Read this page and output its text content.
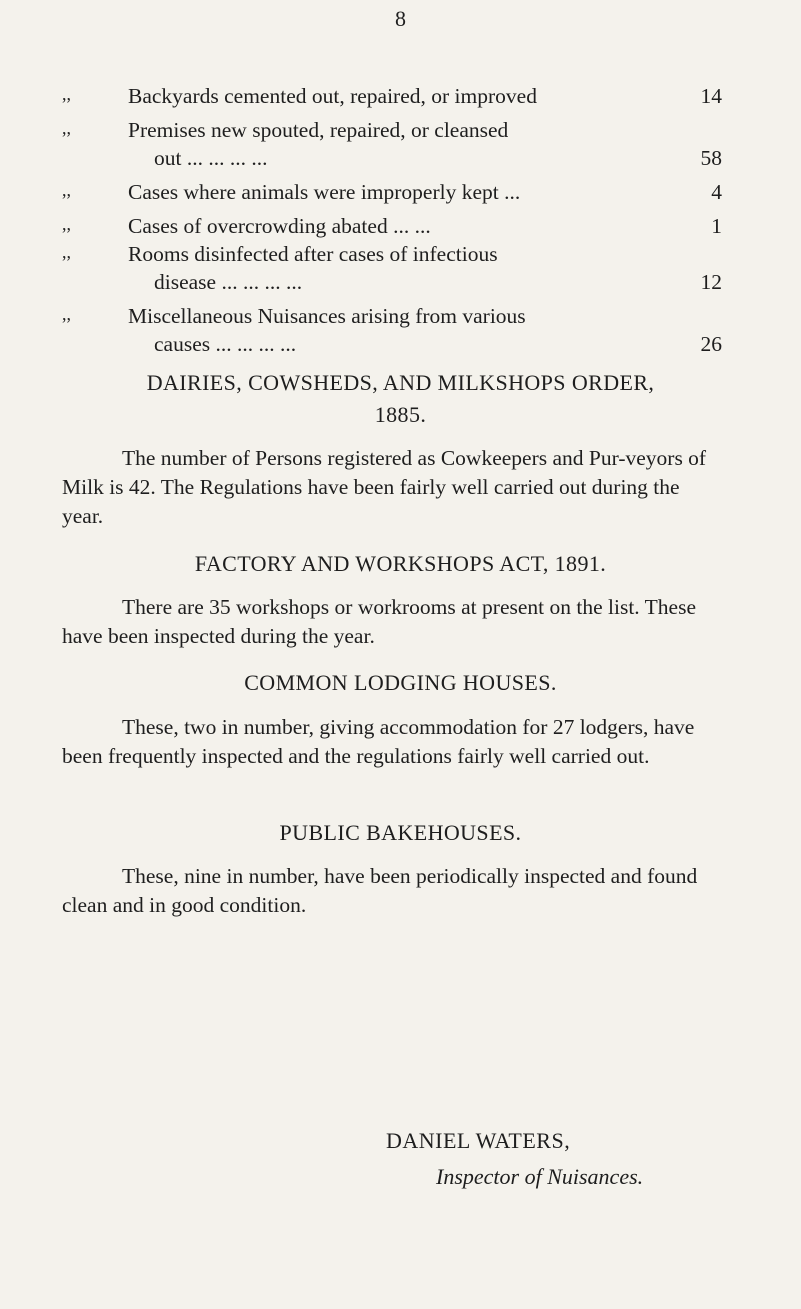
8
,,	Backyards cemented out, repaired, or improved	14
,,	Premises new spouted, repaired, or cleansed
out ... ... ... ...	58
,,	Cases where animals were improperly kept ...	4
,,	Cases of overcrowding abated ... ...	1
,,	Rooms disinfected after cases of infectious
disease ... ... ... ...	12
,,	Miscellaneous Nuisances arising from various
causes ... ... ... ...	26
DAIRIES, COWSHEDS, AND MILKSHOPS ORDER,
1885.

The number of Persons registered as Cowkeepers and Pur-veyors of Milk is 42. The Regulations have been fairly well carried out during the year.

FACTORY AND WORKSHOPS ACT, 1891.

There are 35 workshops or workrooms at present on the list. These have been inspected during the year.

COMMON LODGING HOUSES.

These, two in number, giving accommodation for 27 lodgers, have been frequently inspected and the regulations fairly well carried out.

PUBLIC BAKEHOUSES.

These, nine in number, have been periodically inspected and found clean and in good condition.

DANIEL WATERS,
Inspector of Nuisances.
